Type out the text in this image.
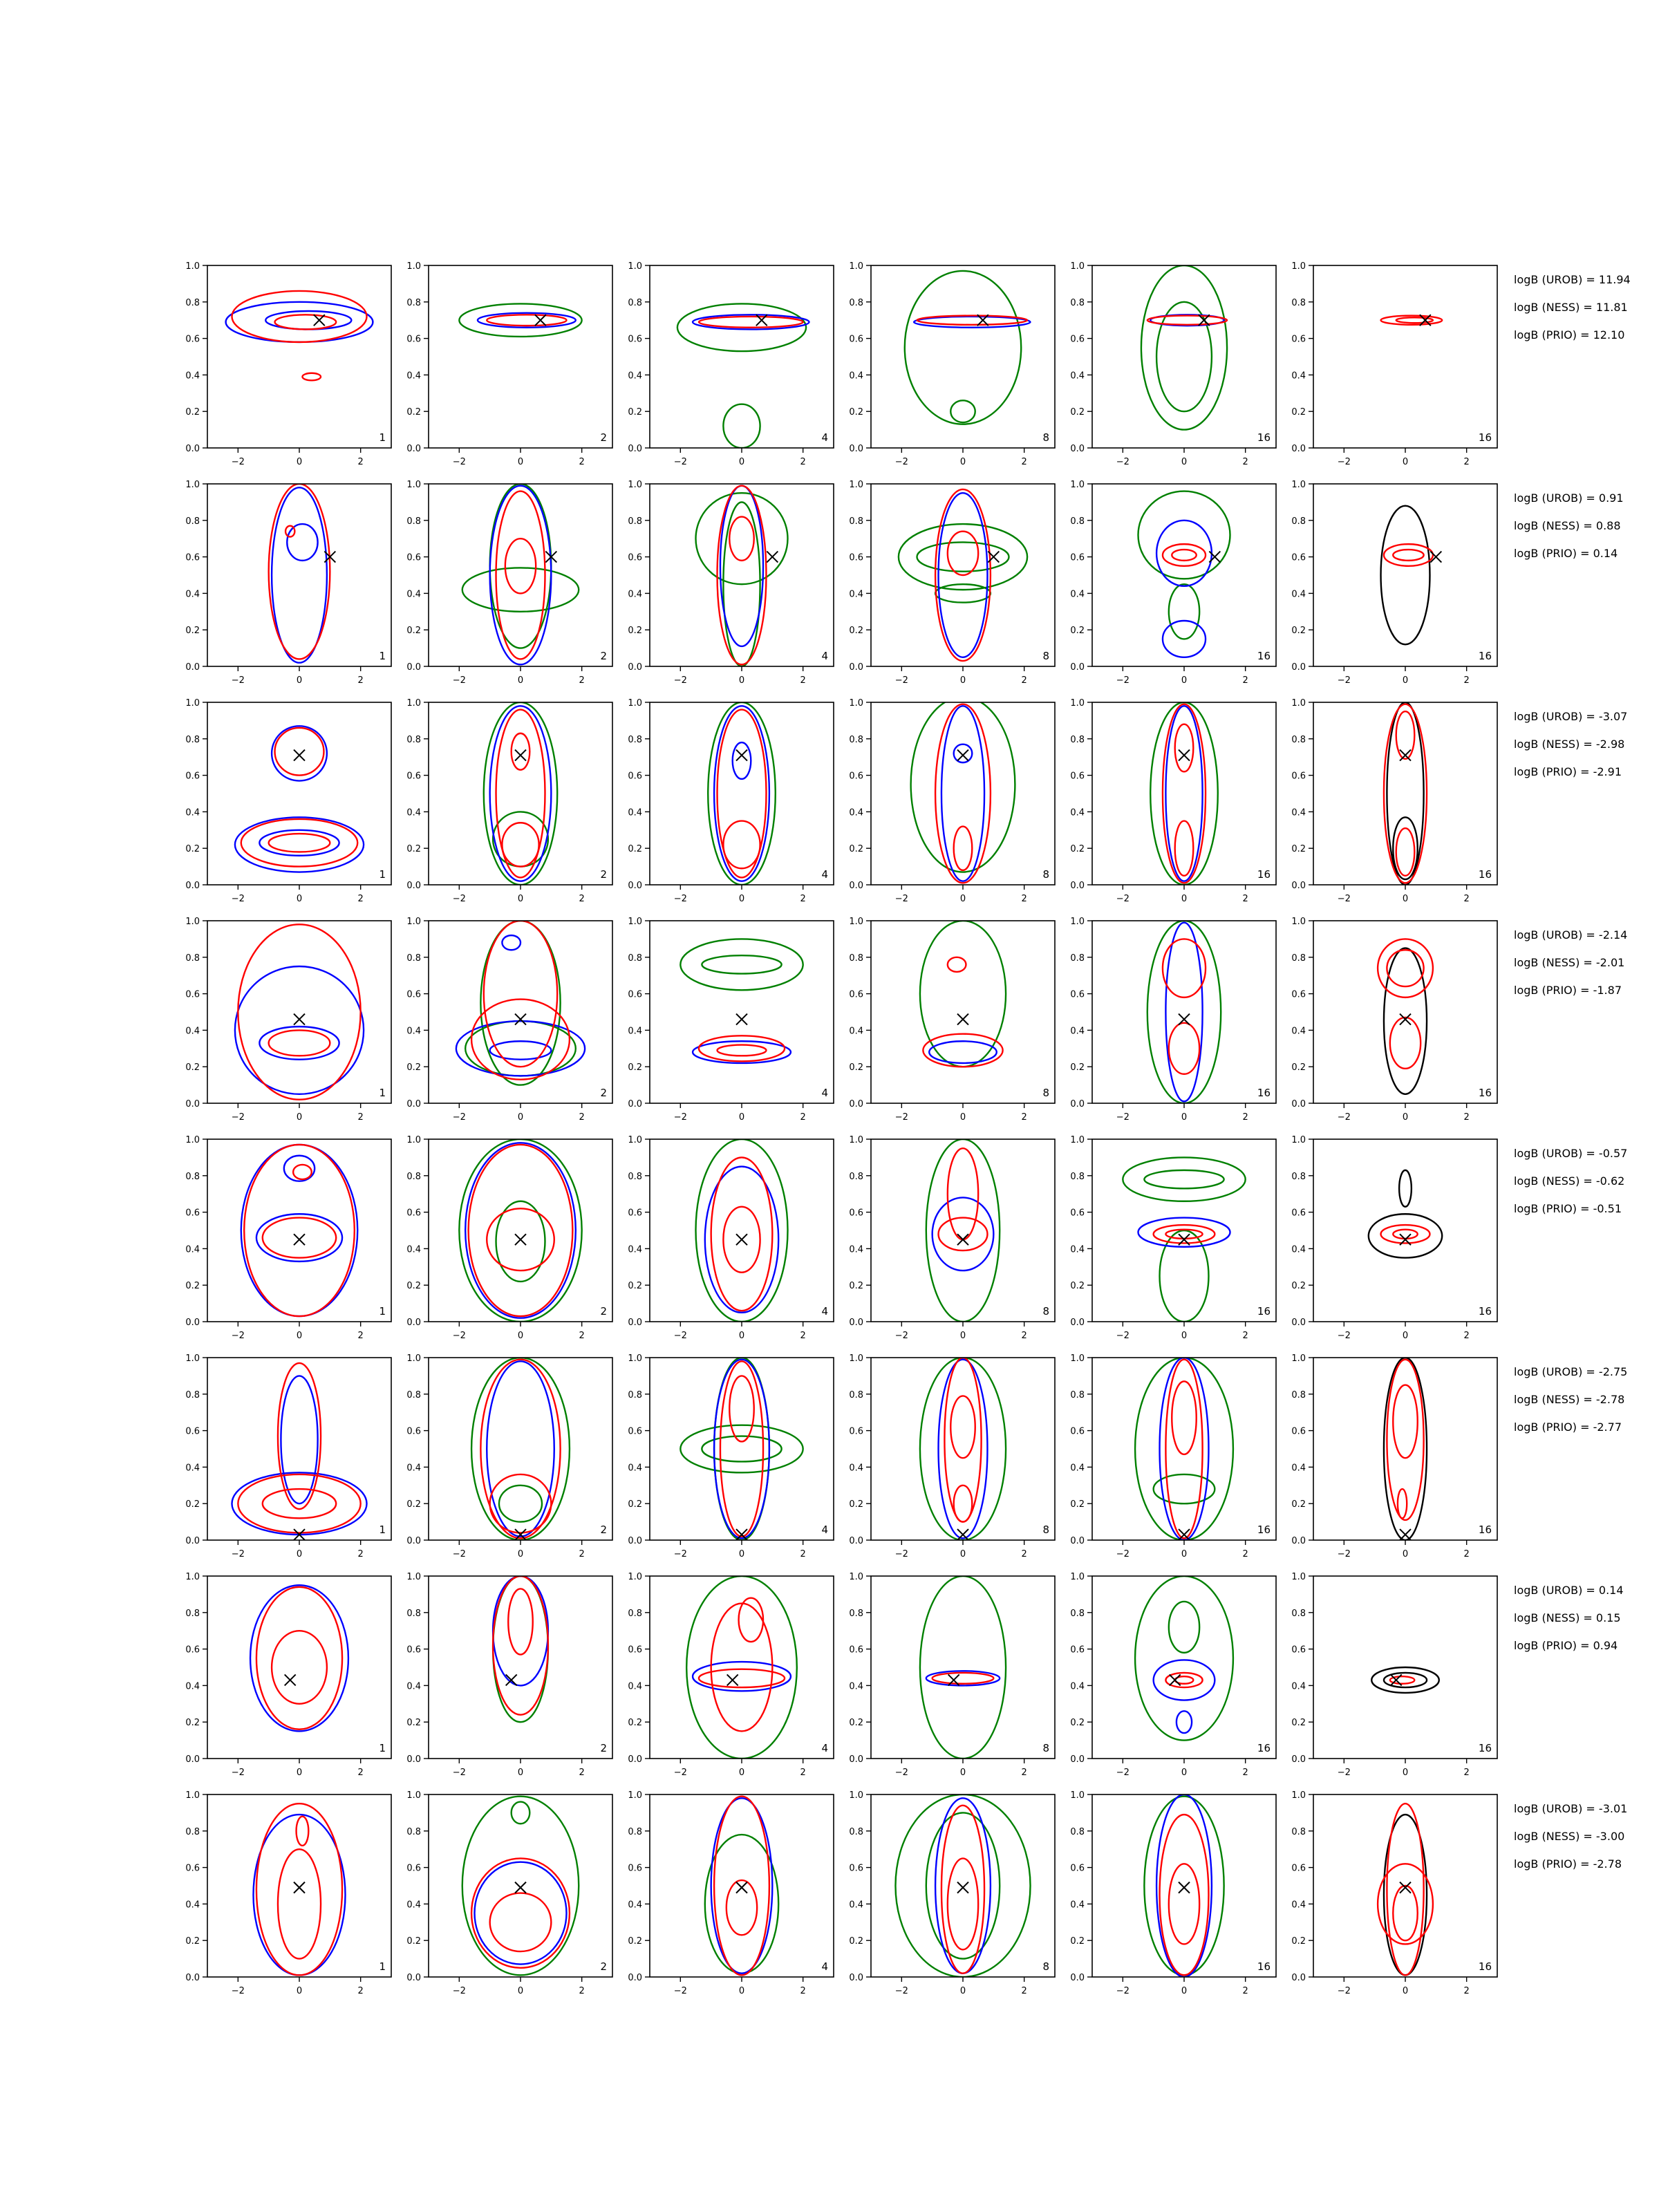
−2	0	2
0.0
0.2
0.4
0.6
0.8
1.0
1
−2	0	2
0.0
0.2
0.4
0.6
0.8
1.0
2
−2	0	2
0.0
0.2
0.4
0.6
0.8
1.0
4
−2	0	2
0.0
0.2
0.4
0.6
0.8
1.0
8
−2	0	2
0.0
0.2
0.4
0.6
0.8
1.0
16
−2	0	2
0.0
0.2
0.4
0.6
0.8
1.0
16
−2	0	2
0.0
0.2
0.4
0.6
0.8
1.0
1
−2	0	2
0.0
0.2
0.4
0.6
0.8
1.0
2
−2	0	2
0.0
0.2
0.4
0.6
0.8
1.0
4
−2	0	2
0.0
0.2
0.4
0.6
0.8
1.0
8
−2	0	2
0.0
0.2
0.4
0.6
0.8
1.0
16
−2	0	2
0.0
0.2
0.4
0.6
0.8
1.0
16
−2	0	2
0.0
0.2
0.4
0.6
0.8
1.0
1
−2	0	2
0.0
0.2
0.4
0.6
0.8
1.0
2
−2	0	2
0.0
0.2
0.4
0.6
0.8
1.0
4
−2	0	2
0.0
0.2
0.4
0.6
0.8
1.0
8
−2	0	2
0.0
0.2
0.4
0.6
0.8
1.0
16
−2	0	2
0.0
0.2
0.4
0.6
0.8
1.0
16
−2	0	2
0.0
0.2
0.4
0.6
0.8
1.0
1
−2	0	2
0.0
0.2
0.4
0.6
0.8
1.0
2
−2	0	2
0.0
0.2
0.4
0.6
0.8
1.0
4
−2	0	2
0.0
0.2
0.4
0.6
0.8
1.0
8
−2	0	2
0.0
0.2
0.4
0.6
0.8
1.0
16
−2	0	2
0.0
0.2
0.4
0.6
0.8
1.0
16
−2	0	2
0.0
0.2
0.4
0.6
0.8
1.0
1
−2	0	2
0.0
0.2
0.4
0.6
0.8
1.0
2
−2	0	2
0.0
0.2
0.4
0.6
0.8
1.0
4
−2	0	2
0.0
0.2
0.4
0.6
0.8
1.0
8
−2	0	2
0.0
0.2
0.4
0.6
0.8
1.0
16
−2	0	2
0.0
0.2
0.4
0.6
0.8
1.0
16
−2	0	2
0.0
0.2
0.4
0.6
0.8
1.0
1
−2	0	2
0.0
0.2
0.4
0.6
0.8
1.0
2
−2	0	2
0.0
0.2
0.4
0.6
0.8
1.0
4
−2	0	2
0.0
0.2
0.4
0.6
0.8
1.0
8
−2	0	2
0.0
0.2
0.4
0.6
0.8
1.0
16
−2	0	2
0.0
0.2
0.4
0.6
0.8
1.0
16
−2	0	2
0.0
0.2
0.4
0.6
0.8
1.0
1
−2	0	2
0.0
0.2
0.4
0.6
0.8
1.0
2
−2	0	2
0.0
0.2
0.4
0.6
0.8
1.0
4
−2	0	2
0.0
0.2
0.4
0.6
0.8
1.0
8
−2	0	2
0.0
0.2
0.4
0.6
0.8
1.0
16
−2	0	2
0.0
0.2
0.4
0.6
0.8
1.0
16
−2	0	2
0.0
0.2
0.4
0.6
0.8
1.0
1
−2	0	2
0.0
0.2
0.4
0.6
0.8
1.0
2
−2	0	2
0.0
0.2
0.4
0.6
0.8
1.0
4
−2	0	2
0.0
0.2
0.4
0.6
0.8
1.0
8
−2	0	2
0.0
0.2
0.4
0.6
0.8
1.0
16
−2	0	2
0.0
0.2
0.4
0.6
0.8
1.0
16
logB (UROB) = 11.94
logB (NESS) = 11.81
logB (PRIO) = 12.10
logB (UROB) = 0.91
logB (NESS) = 0.88
logB (PRIO) = 0.14
logB (UROB) = -3.07
logB (NESS) = -2.98
logB (PRIO) = -2.91
logB (UROB) = -2.14
logB (NESS) = -2.01
logB (PRIO) = -1.87
logB (UROB) = -0.57
logB (NESS) = -0.62
logB (PRIO) = -0.51
logB (UROB) = -2.75
logB (NESS) = -2.78
logB (PRIO) = -2.77
logB (UROB) = 0.14
logB (NESS) = 0.15
logB (PRIO) = 0.94
logB (UROB) = -3.01
logB (NESS) = -3.00
logB (PRIO) = -2.78
